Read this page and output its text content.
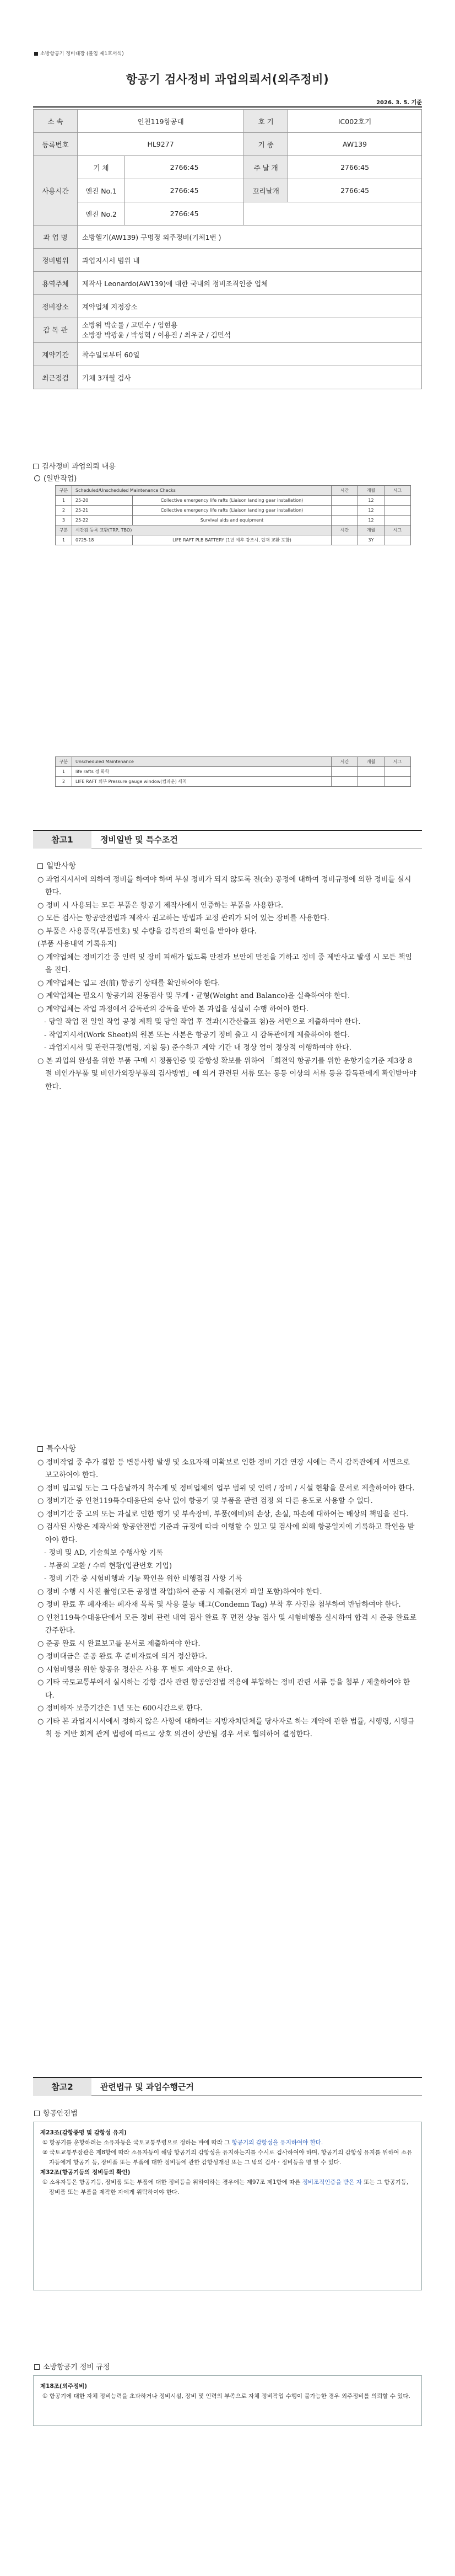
소방항공기 정비대장 (불임 제1호서식)
항공기 검사정비 과업의뢰서(외주정비)
2026. 3. 5. 기준
소 속	인천119항공대		호 기	IC002호기
등록번호	HL9277		기 종	AW139
사용시간	기 체	2766:45	주 날 개	2766:45
	엔진 No.1	2766:45	꼬리날개	2766:45
	엔진 No.2	2766:45		
과 업 명	소방헬기(AW139) 구명정 외주정비(기체1번 )			
정비범위	과업지시서 범위 내			
용역주체	제작사 Leonardo(AW139)에 대한 국내의 정비조직인증 업체			
정비장소	계약업체 지정장소			
감 독 관	소방위 박순률 / 고민수 / 임현용
소방장 박광윤 / 박성혁 / 이용진 / 최우균 / 김민석			

계약기간	착수일로부터 60일			
최근점검	기체 3개월 검사			
검사정비 과업의뢰 내용
(일반작업)
구분	Scheduled/Unscheduled Maintenance Checks		시간	개월	시그
1	25-20	Collective emergency life rafts (Liaison landing gear installation)		12	
2	25-21	Collective emergency life rafts (Liaison landing gear installation)		12	
3	25-22	Survival aids and equipment		12	
구분	시간검 등록 교환(TRP, TBO)		시간	개월	시그
1	0725-18	LIFE RAFT PLB BATTERY (1년 예후 강조시, 탑재 교환 포함)		3Y	
구분	Unscheduled Maintenance	시간	개월	시그
1	life rafts 정 화학			
2	LIFE RAFT 외부 Pressure gauge window(컴파운) 세척			
참고1	정비일반 및 특수조건

일반사항

○ 과업지시서에 의하여 정비를 하여야 하며 부실 정비가 되지 않도록 전(全) 공정에 대하여 정비규정에 의한 정비를 실시 한다.

○ 정비 시 사용되는 모든 부품은 항공기 제작사에서 인증하는 부품을 사용한다.

○ 모든 검사는 항공안전법과 제작사 권고하는 방법과 교정 관리가 되어 있는 장비를 사용한다.

○ 부품은 사용품목(부품번호) 및 수량을 감독관의 확인을 받아야 한다.

(부품 사용내역 기록유지)

○ 계약업체는 정비기간 중 인력 및 장비 피해가 없도록 안전과 보안에 만전을 기하고 정비 중 제반사고 발생 시 모든 책임을 진다.

○ 계약업체는 입고 전(前) 항공기 상태를 확인하여야 한다.

○ 계약업체는 필요시 항공기의 진동검사 및 무게・균형(Weight and Balance)을 실측하여야 한다.

○ 계약업체는 작업 과정에서 감독관의 감독을 받아 본 과업을 성실히 수행 하여야 한다.

- 당일 작업 전 일일 작업 공정 계획 및 당일 작업 후 결과(시간산출표 첨)을 서면으로 제출하여야 한다.

- 작업지시서(Work Sheet)의 원본 또는 사본은 항공기 정비 출고 시 감독관에게 제출하여야 한다.

- 과업지시서 및 관련규정(법령, 지침 등) 준수하고 계약 기간 내 정상 업이 정상적 이행하여야 한다.

○ 본 과업의 완성을 위한 부품 구매 시 정품인증 및 감항성 확보를 위하여 「회전익 항공기를 위한 운항기술기준 제3장 8절 비인가부품 및 비인가외장부품의 검사방법」에 의거 관련된 서류 또는 동등 이상의 서류 등을 감독관에게 확인받아야 한다.

특수사항

○ 정비작업 중 추가 결함 등 변동사항 발생 및 소요자재 미확보로 인한 정비 기간 연장 시에는 즉시 감독관에게 서면으로 보고하여야 한다.

○ 정비 입고일 또는 그 다음날까지 착수계 및 정비업체의 업무 범위 및 인력 / 장비 / 시설 현황을 문서로 제출하여야 한다.

○ 정비기간 중 인천119특수대응단의 승낙 없이 항공기 및 부품을 관련 검정 외 다른 용도로 사용할 수 없다.

○ 정비기간 중 고의 또는 과실로 인한 행기 및 부속장비, 부품(예비)의 손상, 손실, 파손에 대하여는 배상의 책임을 진다.

○ 검사된 사항은 제작사와 항공안전법 기준과 규정에 따라 이행할 수 있고 및 검사에 의해 항공일지에 기록하고 확인을 받아야 한다.

- 정비 및 AD, 기술회보 수행사항 기록

- 부품의 교환 / 수리 현황(입관번호 기입)

- 정비 기간 중 시험비행과 기능 확인을 위한 비행점검 사항 기록

○ 정비 수행 시 사진 촬영(모든 공정별 작업)하여 준공 시 제출(전자 파일 포함)하여야 한다.

○ 정비 완료 후 폐자재는 폐자재 목록 및 사용 불능 태그(Condemn Tag) 부착 후 사진을 첨부하여 반납하여야 한다.

○ 인천119특수대응단에서 모든 정비 관련 내역 검사 완료 후 면전 상능 검사 및 시험비행을 실시하여 합격 시 준공 완료로 간주한다.

○ 준공 완료 시 완료보고를 문서로 제출하여야 한다.

○ 정비대금은 준공 완료 후 준비자료에 의거 정산한다.

○ 시험비행을 위한 항공유 정산은 사용 후 별도 계약으로 한다.

○ 기타 국토교통부에서 실시하는 감항 검사 관련 항공안전법 적용에 부합하는 정비 관련 서류 등을 첨부 / 제출하여야 한다.

○ 정비하자 보증기간은 1년 또는 600시간으로 한다.

○ 기타 본 과업지시서에서 정하지 않은 사항에 대하여는 지방자치단체를 당사자로 하는 계약에 관한 법률, 시행령, 시행규칙 등 계반 회계 관계 법령에 따르고 상호 의견이 상반될 경우 서로 협의하여 결정한다.

참고2	관련법규 및 과업수행근거
항공안전법

제23조(감항증명 및 감항성 유지)

① 항공기를 운항하려는 소유자등은 국토교통부령으로 정하는 바에 따라 그 항공기의 감항성을 유지하여야 한다.

② 국토교통부장관은 제8항에 따라 소유자등이 해당 항공기의 감항성을 유지하는지를 수시로 검사하여야 하며, 항공기의 감항성 유지를 위하여 소유자등에게 항공기 등, 장비품 또는 부품에 대한 정비등에 관한 감항성개선 또는 그 밖의 검사・정비등을 명 할 수 있다.

제32조(항공기등의 정비등의 확인)

① 소유자등은 항공기등, 장비품 또는 부품에 대한 정비등을 위하여하는 경우에는 제97조 제1항에 따른 정비조직인증을 받은 자 또는 그 항공기등, 장비품 또는 부품을 제작한 자에게 위탁하여야 한다.

소방항공기 정비 규정

제18조(외주정비)

① 항공기에 대한 자체 정비능력을 초과하거나 정비시설, 장비 및 인력의 부족으로 자체 정비작업 수행이 불가능한 경우 외주정비를 의뢰할 수 있다.
